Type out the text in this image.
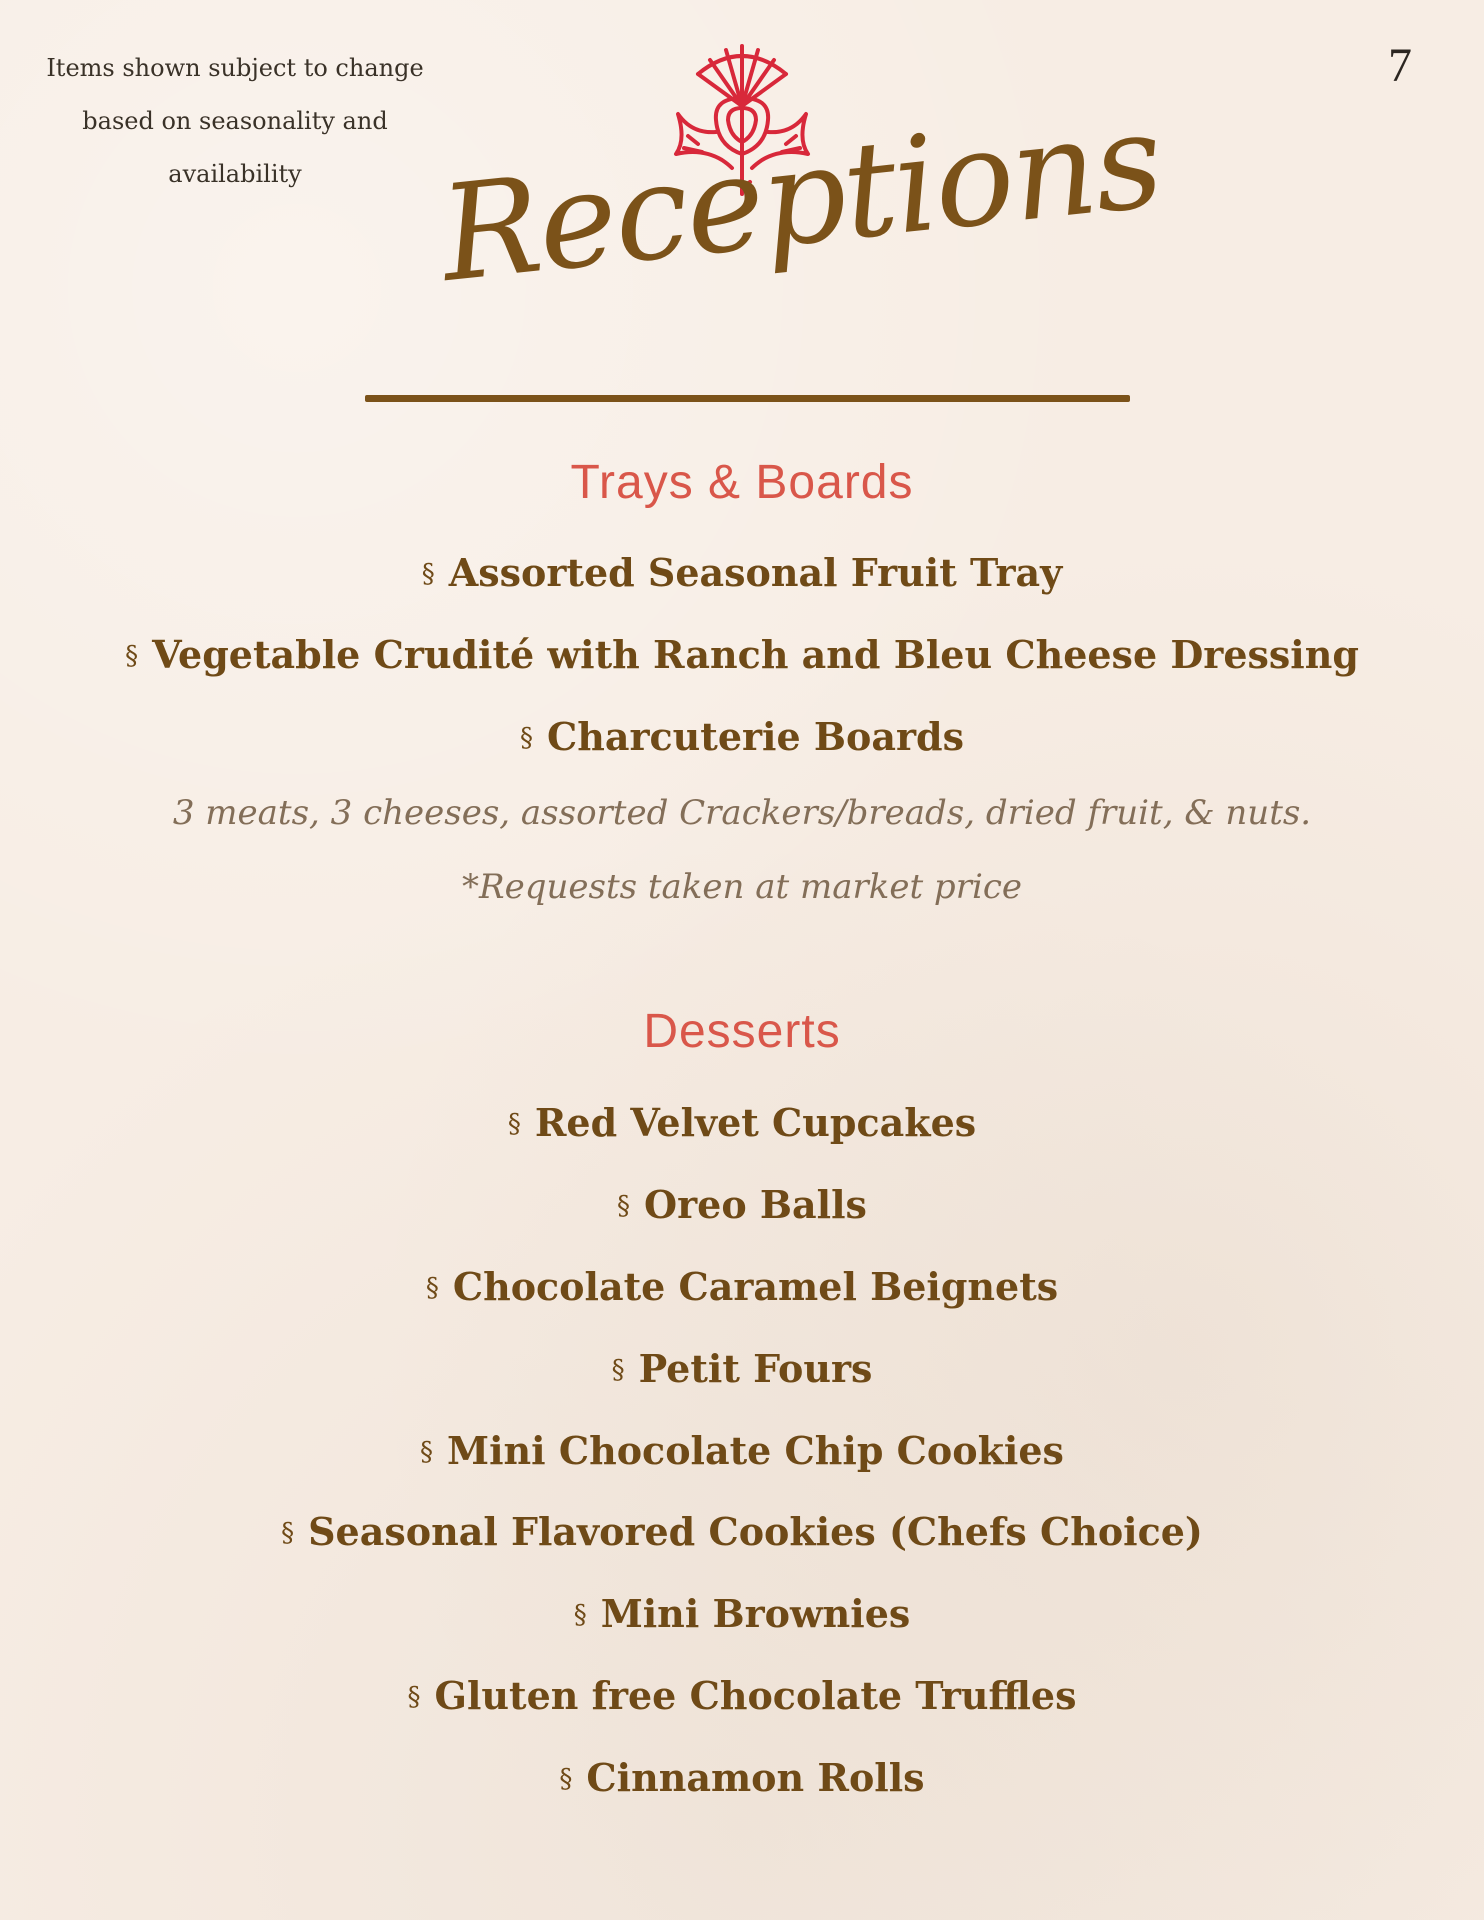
Items shown subject to change
based on seasonality and
availability
7
Receptions
Trays & Boards
§ Assorted Seasonal Fruit Tray
§ Vegetable Crudité with Ranch and Bleu Cheese Dressing
§ Charcuterie Boards
3 meats, 3 cheeses, assorted Crackers/breads, dried fruit, & nuts.
*Requests taken at market price
Desserts
§ Red Velvet Cupcakes
§ Oreo Balls
§ Chocolate Caramel Beignets
§ Petit Fours
§ Mini Chocolate Chip Cookies
§ Seasonal Flavored Cookies (Chefs Choice)
§ Mini Brownies
§ Gluten free Chocolate Truffles
§ Cinnamon Rolls
